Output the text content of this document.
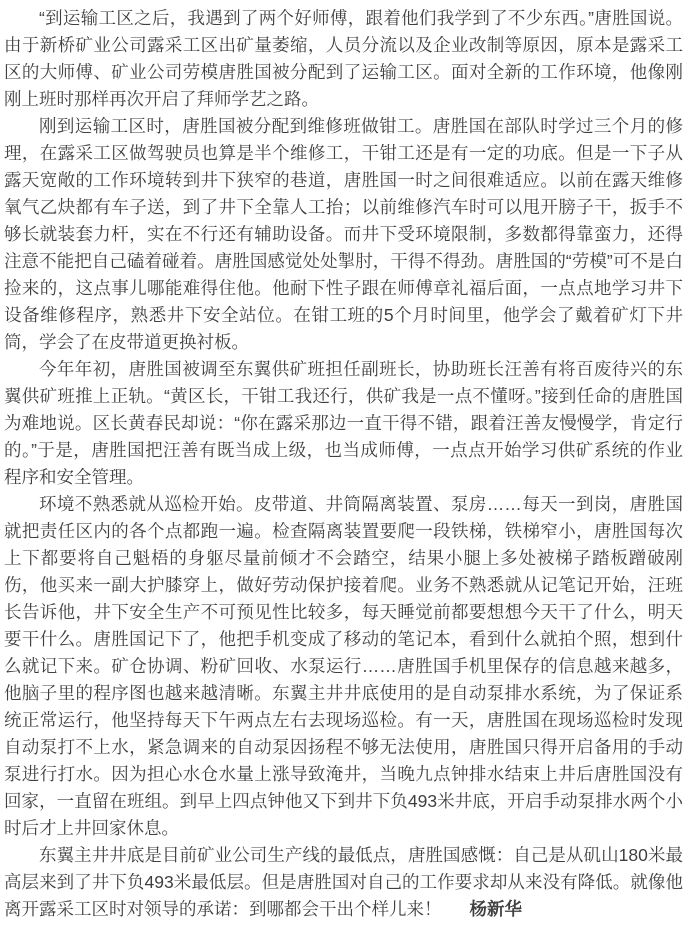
“到运输工区之后，我遇到了两个好师傅，跟着他们我学到了不少东西。”唐胜国说。由于新桥矿业公司露采工区出矿量萎缩，人员分流以及企业改制等原因，原本是露采工区的大师傅、矿业公司劳模唐胜国被分配到了运输工区。面对全新的工作环境，他像刚刚上班时那样再次开启了拜师学艺之路。

刚到运输工区时，唐胜国被分配到维修班做钳工。唐胜国在部队时学过三个月的修理，在露采工区做驾驶员也算是半个维修工，干钳工还是有一定的功底。但是一下子从露天宽敞的工作环境转到井下狭窄的巷道，唐胜国一时之间很难适应。以前在露天维修氧气乙炔都有车子送，到了井下全靠人工抬；以前维修汽车时可以甩开膀子干，扳手不够长就装套力杆，实在不行还有辅助设备。而井下受环境限制，多数都得靠蛮力，还得注意不能把自己磕着碰着。唐胜国感觉处处掣肘，干得不得劲。唐胜国的“劳模”可不是白捡来的，这点事儿哪能难得住他。他耐下性子跟在师傅章礼福后面，一点点地学习井下设备维修程序，熟悉井下安全站位。在钳工班的5个月时间里，他学会了戴着矿灯下井筒，学会了在皮带道更换衬板。

今年年初，唐胜国被调至东翼供矿班担任副班长，协助班长汪善有将百废待兴的东翼供矿班推上正轨。“黄区长，干钳工我还行，供矿我是一点不懂呀。”接到任命的唐胜国为难地说。区长黄春民却说：“你在露采那边一直干得不错，跟着汪善友慢慢学，肯定行的。”于是，唐胜国把汪善有既当成上级，也当成师傅，一点点开始学习供矿系统的作业程序和安全管理。

环境不熟悉就从巡检开始。皮带道、井筒隔离装置、泵房……每天一到岗，唐胜国就把责任区内的各个点都跑一遍。检查隔离装置要爬一段铁梯，铁梯窄小，唐胜国每次上下都要将自己魁梧的身躯尽量前倾才不会踏空，结果小腿上多处被梯子踏板蹭破剐伤，他买来一副大护膝穿上，做好劳动保护接着爬。业务不熟悉就从记笔记开始，汪班长告诉他，井下安全生产不可预见性比较多，每天睡觉前都要想想今天干了什么，明天要干什么。唐胜国记下了，他把手机变成了移动的笔记本，看到什么就拍个照，想到什么就记下来。矿仓协调、粉矿回收、水泵运行……唐胜国手机里保存的信息越来越多，他脑子里的程序图也越来越清晰。东翼主井井底使用的是自动泵排水系统，为了保证系统正常运行，他坚持每天下午两点左右去现场巡检。有一天，唐胜国在现场巡检时发现自动泵打不上水，紧急调来的自动泵因扬程不够无法使用，唐胜国只得开启备用的手动泵进行打水。因为担心水仓水量上涨导致淹井，当晚九点钟排水结束上井后唐胜国没有回家，一直留在班组。到早上四点钟他又下到井下负493米井底，开启手动泵排水两个小时后才上井回家休息。

东翼主井井底是目前矿业公司生产线的最低点，唐胜国感慨：自己是从矶山180米最高层来到了井下负493米最低层。但是唐胜国对自己的工作要求却从来没有降低。就像他离开露采工区时对领导的承诺：到哪都会干出个样儿来！ 杨新华
